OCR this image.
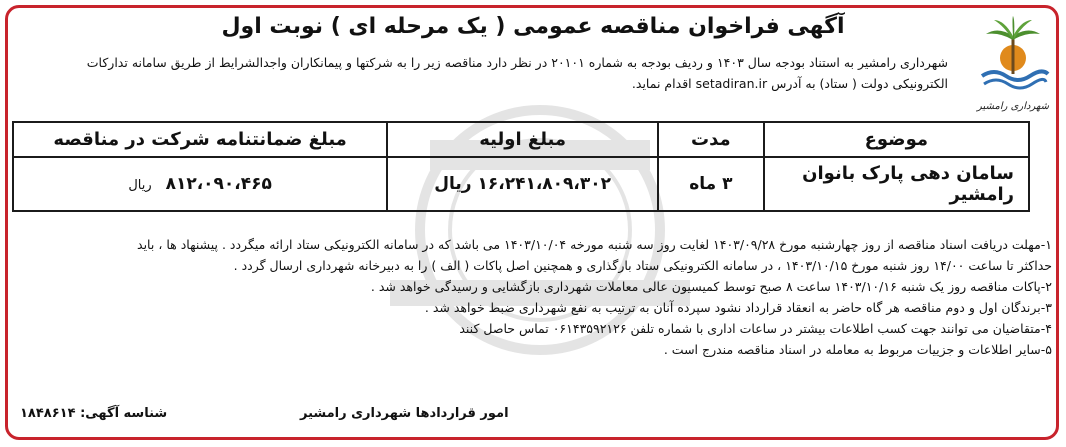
شهرداری رامشیر
آگهی فراخوان مناقصه عمومی ( یک مرحله ای ) نوبت اول
شهرداری رامشیر به استناد بودجه سال ۱۴۰۳ و ردیف بودجه به شماره ۲۰۱۰۱ در نظر دارد مناقصه زیر را به شرکتها و پیمانکاران واجدالشرایط از طریق سامانه تدارکات
الکترونیکی دولت ( ستاد) به آدرس setadiran.ir اقدام نماید.
موضوع	مدت	مبلغ اولیه	مبلغ ضمانتنامه شرکت در مناقصه
سامان دهی پارک بانوان رامشیر	۳ ماه	۱۶،۲۴۱،۸۰۹،۳۰۲ ریال	۸۱۲،۰۹۰،۴۶۵ ریال

۱-مهلت دریافت اسناد مناقصه از روز چهارشنبه مورخ ۱۴۰۳/۰۹/۲۸ لغایت روز سه شنبه مورخه ۱۴۰۳/۱۰/۰۴ می باشد که در سامانه الکترونیکی ستاد ارائه میگردد . پیشنهاد ها ، باید

حداکثر تا ساعت ۱۴/۰۰ روز شنبه مورخ ۱۴۰۳/۱۰/۱۵ ، در سامانه الکترونیکی ستاد بارگذاری و همچنین اصل پاکات ( الف ) را به دبیرخانه شهرداری ارسال گردد .

۲-پاکات مناقصه روز یک شنبه ۱۴۰۳/۱۰/۱۶ ساعت ۸ صبح توسط کمیسیون عالی معاملات شهرداری بازگشایی و رسیدگی خواهد شد .

۳-برندگان اول و دوم مناقصه هر گاه حاضر به انعقاد قرارداد نشود سپرده آنان به ترتیب به نفع شهرداری ضبط خواهد شد .

۴-متقاضیان می توانند جهت کسب اطلاعات بیشتر در ساعات اداری با شماره تلفن ۰۶۱۴۳۵۹۲۱۲۶ تماس حاصل کنند

۵-سایر اطلاعات و جزییات مربوط به معامله در اسناد مناقصه مندرج است .

امور قراردادها شهرداری رامشیر
شناسه آگهی: ۱۸۴۸۶۱۴
